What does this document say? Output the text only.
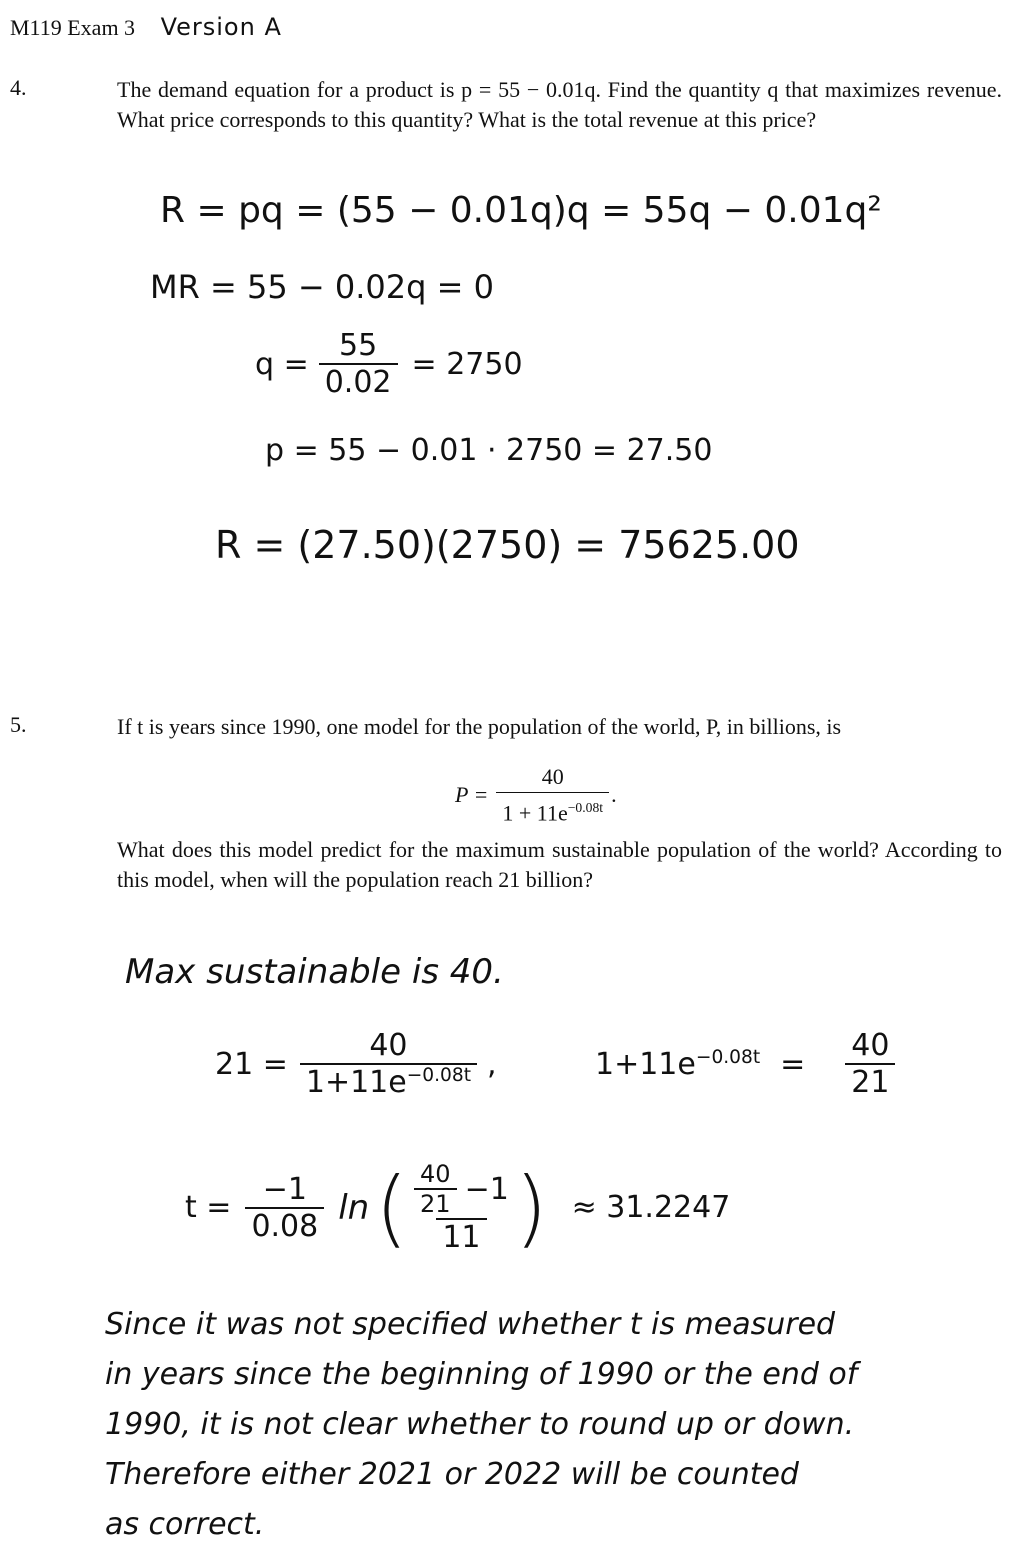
M119 Exam 3 Version A
4.	The demand equation for a product is p = 55 − 0.01q. Find the quantity q that maximizes revenue. What price corresponds to this quantity? What is the total revenue at this price?
R = pq = (55 − 0.01q)q = 55q − 0.01q²
MR = 55 − 0.02q = 0
$q = \frac{55}{0.02} = 2750$
p = 55 − 0.01 · 2750 = 27.50
R = (27.50)(2750) = 75625.00
5.	If t is years since 1990, one model for the population of the world, P, in billions, is
$P = \frac{40}{1 + 11e^{-0.08t}}$ .
What does this model predict for the maximum sustainable population of the world? According to this model, when will the population reach 21 billion?
Max sustainable is 40.
$21 = \frac{40}{1+11e^{-0.08t}}$ ,	$1+11e^{-0.08t} = \frac{40}{21}$
$t = \frac{-1}{0.08}$ ln ( $\frac{\frac{40}{21} -1}{11}$ ) ≈ 31.2247
Since it was not specified whether t is measured
in years since the beginning of 1990 or the end of
1990, it is not clear whether to round up or down.
Therefore either 2021 or 2022 will be counted
as correct.
